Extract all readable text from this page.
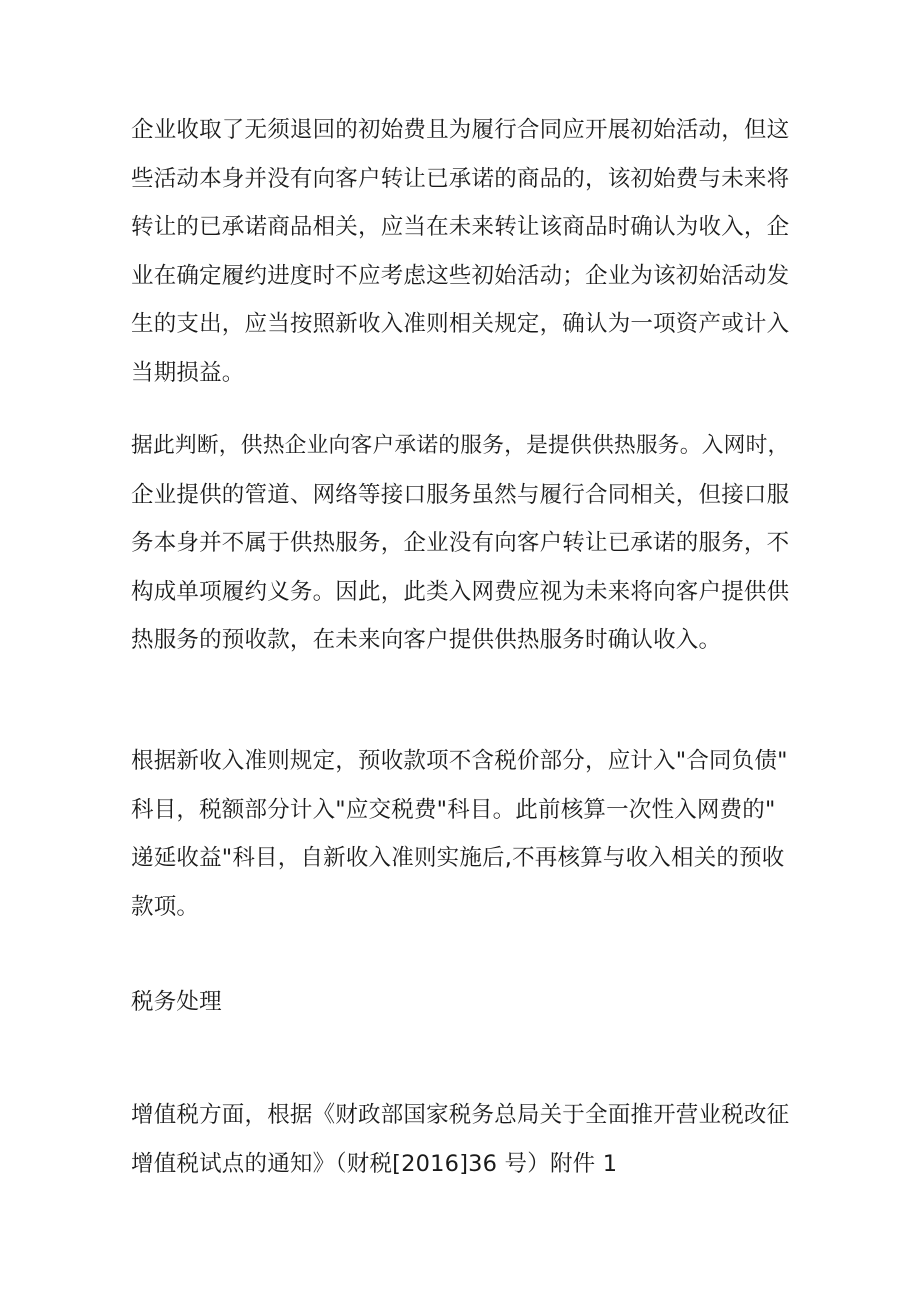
企业收取了无须退回的初始费且为履行合同应开展初始活动，但这
些活动本身并没有向客户转让已承诺的商品的，该初始费与未来将
转让的已承诺商品相关，应当在未来转让该商品时确认为收入，企
业在确定履约进度时不应考虑这些初始活动；企业为该初始活动发
生的支出，应当按照新收入准则相关规定，确认为一项资产或计入
当期损益。

据此判断，供热企业向客户承诺的服务，是提供供热服务。入网时，
企业提供的管道、网络等接口服务虽然与履行合同相关，但接口服
务本身并不属于供热服务，企业没有向客户转让已承诺的服务，不
构成单项履约义务。因此，此类入网费应视为未来将向客户提供供
热服务的预收款，在未来向客户提供供热服务时确认收入。

根据新收入准则规定，预收款项不含税价部分，应计入"合同负债"
科目，税额部分计入"应交税费"科目。此前核算一次性入网费的"
递延收益"科目，自新收入准则实施后,不再核算与收入相关的预收
款项。

税务处理

增值税方面，根据《财政部国家税务总局关于全面推开营业税改征
增值税试点的通知》（财税[2016]36 号）附件 1
